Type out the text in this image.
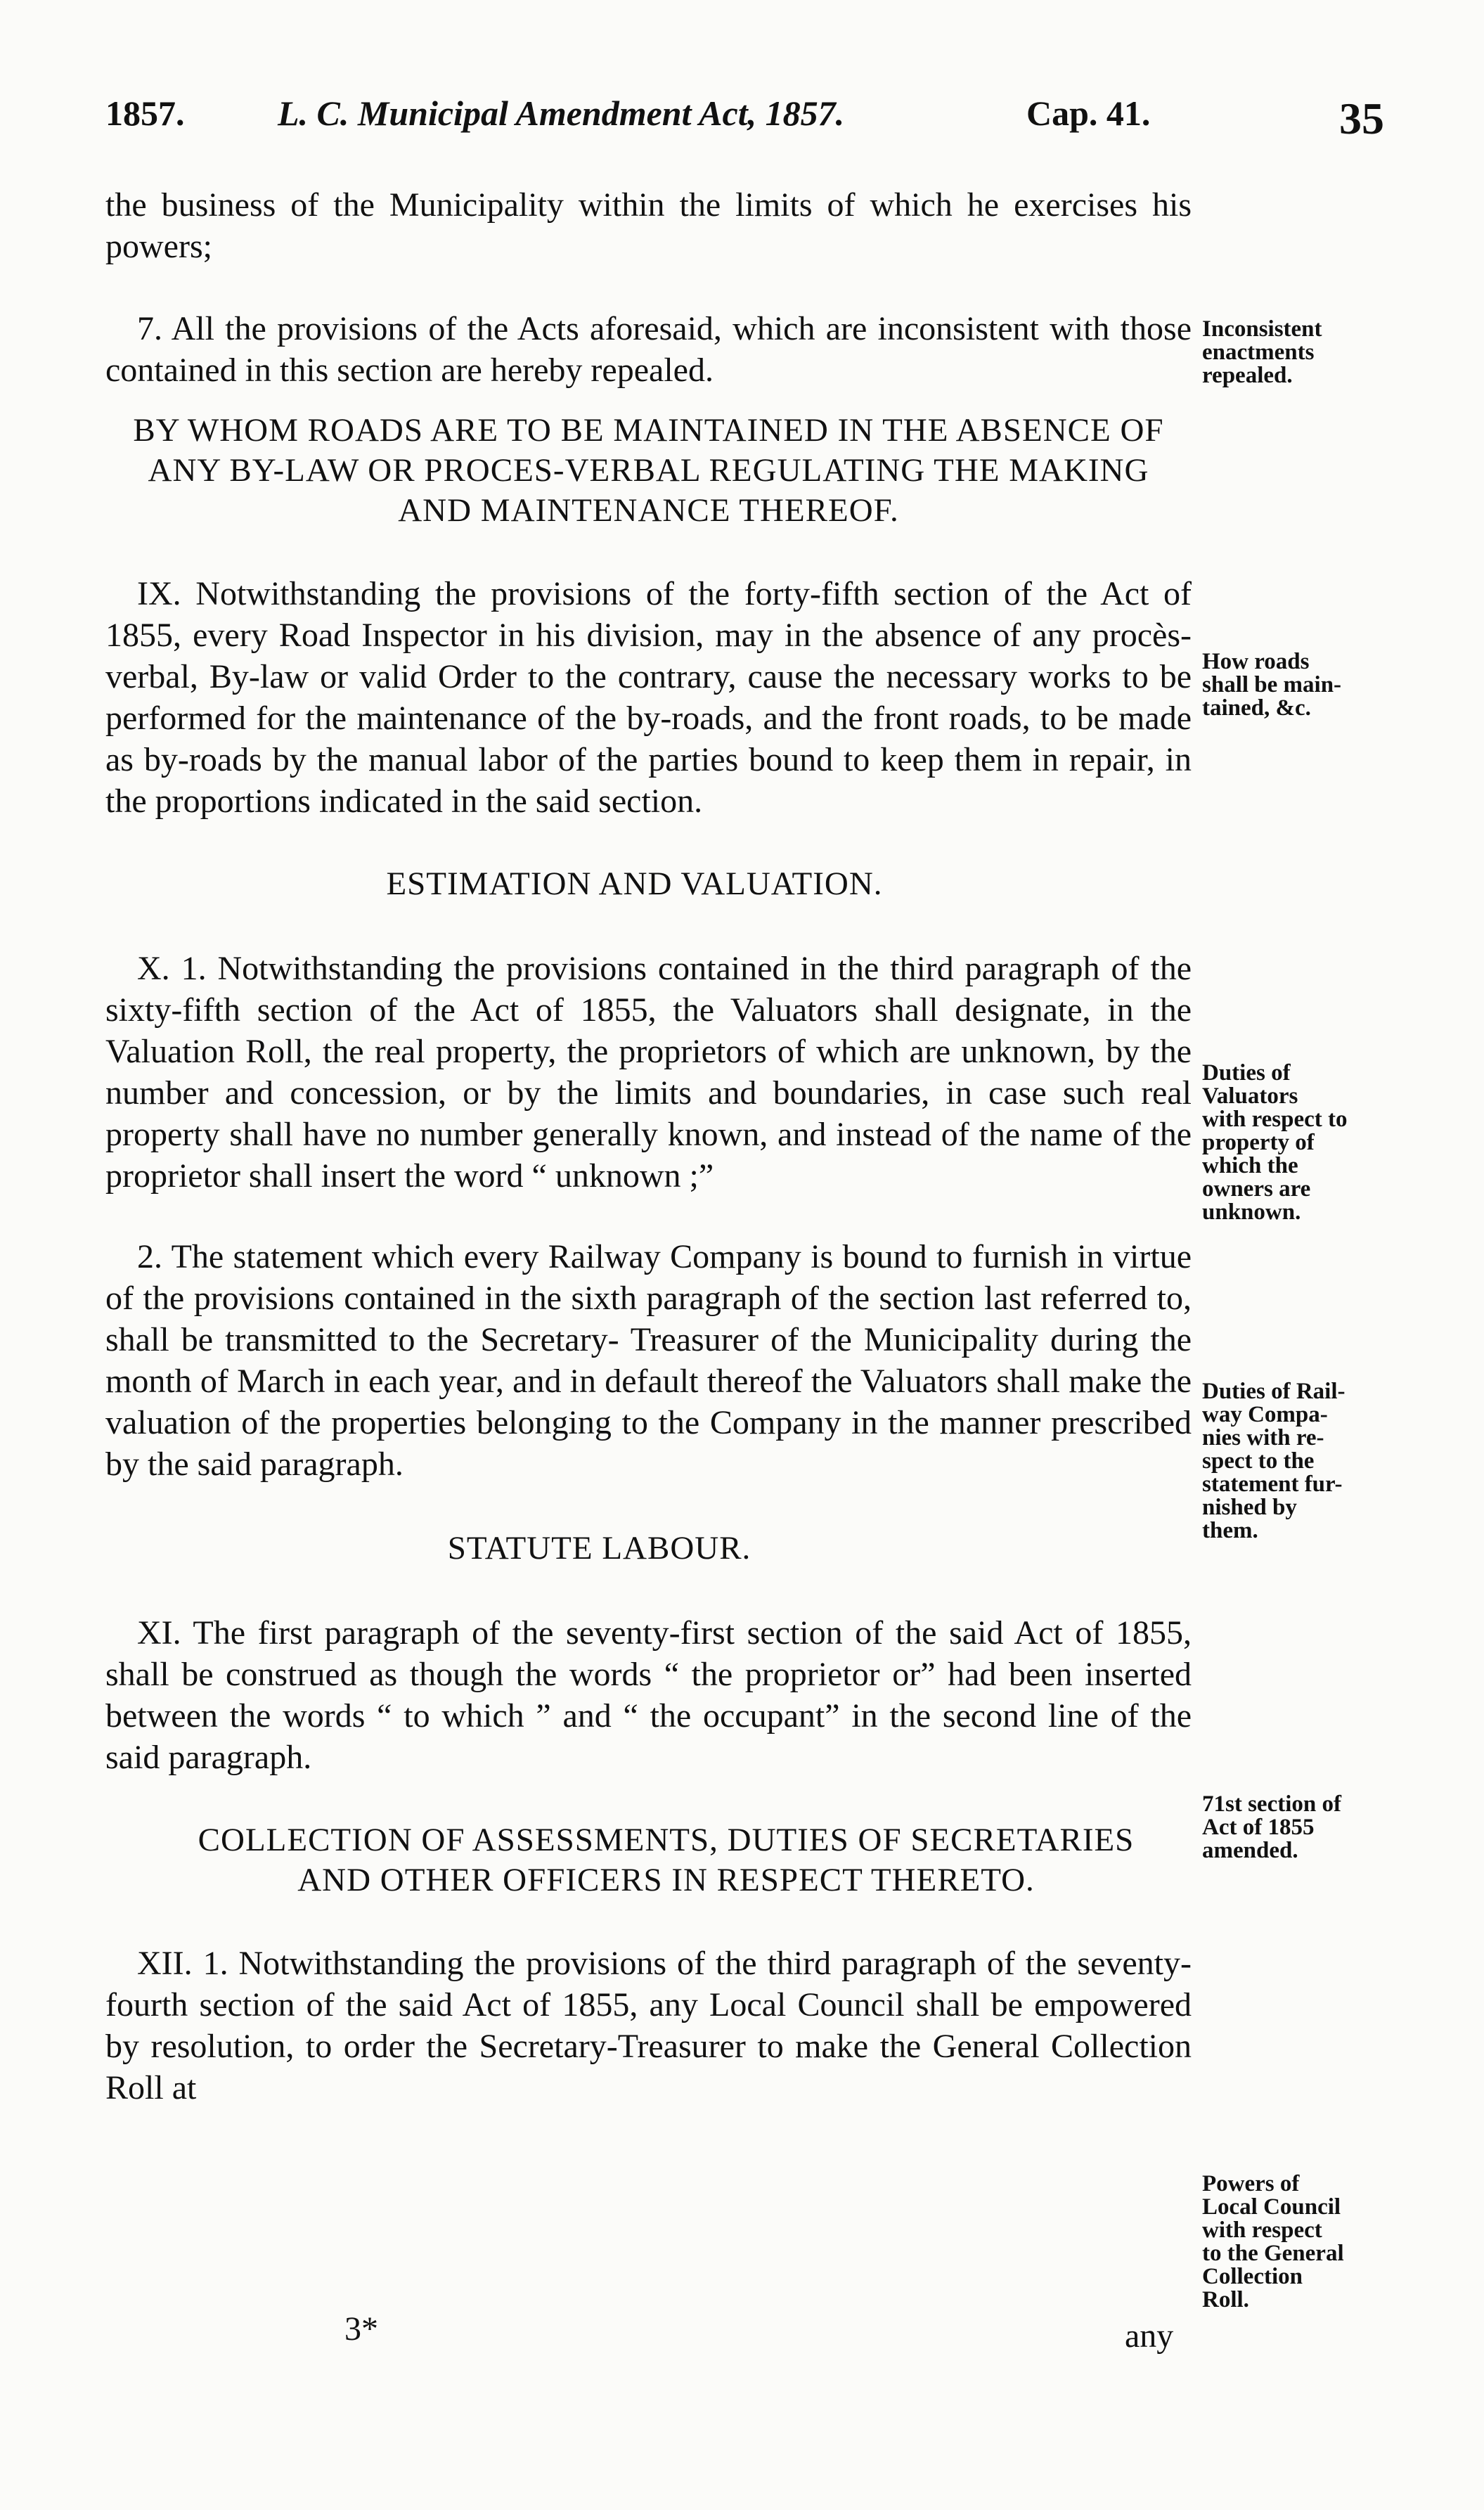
1857.	L. C. Municipal Amendment Act, 1857.	Cap. 41.	35

the business of the Municipality within the limits of which he exercises his powers;

7. All the provisions of the Acts aforesaid, which are inconsistent with those contained in this section are hereby repealed.

BY WHOM ROADS ARE TO BE MAINTAINED IN THE ABSENCE OF ANY BY-LAW OR PROCES-VERBAL REGULATING THE MAKING AND MAINTENANCE THEREOF.

IX. Notwithstanding the provisions of the forty-fifth section of the Act of 1855, every Road Inspector in his division, may in the absence of any procès-verbal, By-law or valid Order to the contrary, cause the necessary works to be performed for the maintenance of the by-roads, and the front roads, to be made as by-roads by the manual labor of the parties bound to keep them in repair, in the proportions indicated in the said section.

ESTIMATION AND VALUATION.

X. 1. Notwithstanding the provisions contained in the third paragraph of the sixty-fifth section of the Act of 1855, the Valuators shall designate, in the Valuation Roll, the real property, the proprietors of which are unknown, by the number and concession, or by the limits and boundaries, in case such real property shall have no number generally known, and instead of the name of the proprietor shall insert the word “ unknown ;”

2. The statement which every Railway Company is bound to furnish in virtue of the provisions contained in the sixth paragraph of the section last referred to, shall be transmitted to the Secretary- Treasurer of the Municipality during the month of March in each year, and in default thereof the Valuators shall make the valuation of the properties belonging to the Company in the manner prescribed by the said paragraph.

STATUTE LABOUR.

XI. The first paragraph of the seventy-first section of the said Act of 1855, shall be construed as though the words “ the proprietor or” had been inserted between the words “ to which ” and “ the occupant” in the second line of the said paragraph.

COLLECTION OF ASSESSMENTS, DUTIES OF SECRETARIES AND OTHER OFFICERS IN RESPECT THERETO.

XII. 1. Notwithstanding the provisions of the third paragraph of the seventy-fourth section of the said Act of 1855, any Local Council shall be empowered by resolution, to order the Secretary-Treasurer to make the General Collection Roll at

Inconsistent
enactments
repealed.
How roads
shall be main-
tained, &c.
Duties of
Valuators
with respect to
property of
which the
owners are
unknown.
Duties of Rail-
way Compa-
nies with re-
spect to the
statement fur-
nished by
them.
71st section of
Act of 1855
amended.
Powers of
Local Council
with respect
to the General
Collection
Roll.
3*	any
